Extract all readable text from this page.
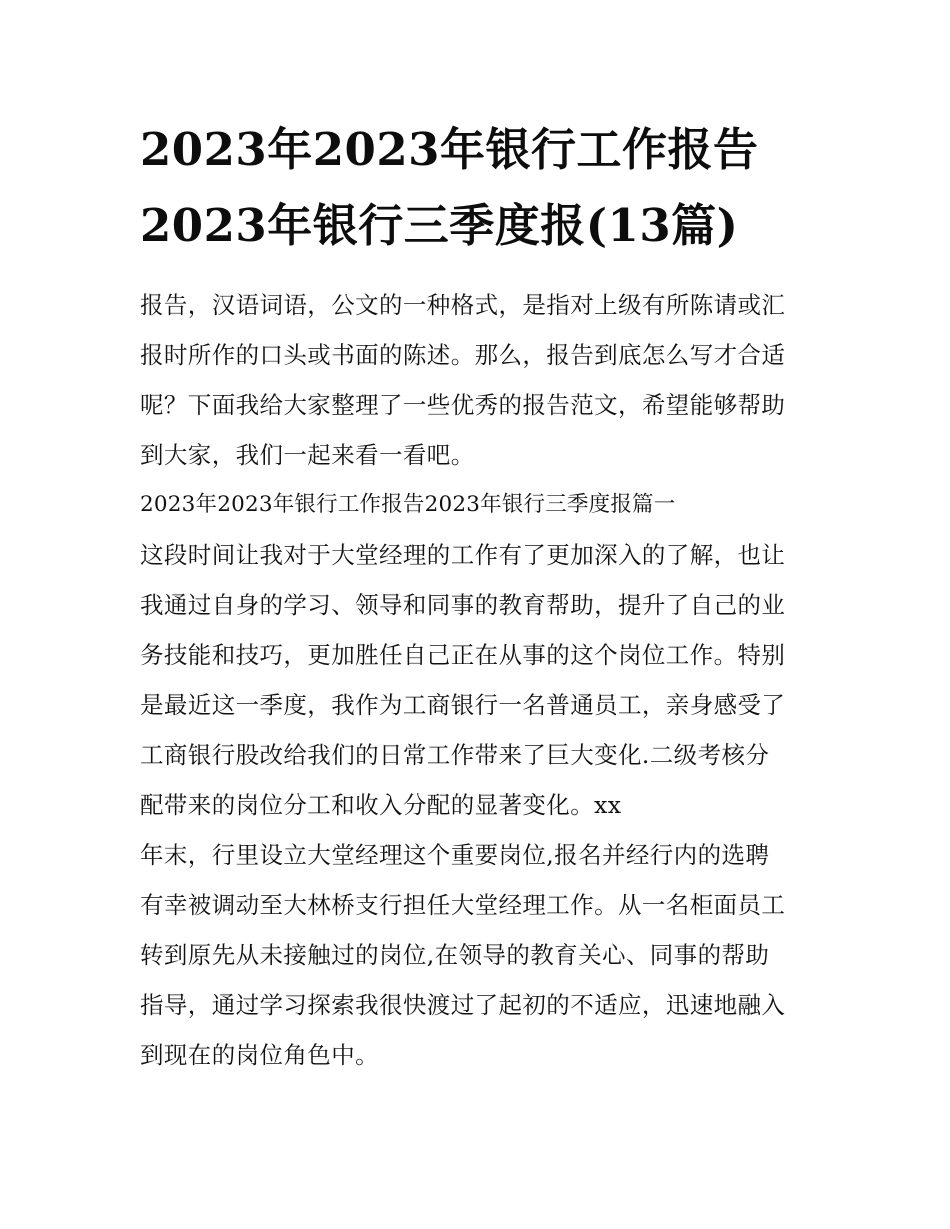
2023年2023年银行工作报告
2023年银行三季度报(13篇)

报告，汉语词语，公文的一种格式，是指对上级有所陈请或汇
报时所作的口头或书面的陈述。那么，报告到底怎么写才合适
呢？下面我给大家整理了一些优秀的报告范文，希望能够帮助
到大家，我们一起来看一看吧。

2023年2023年银行工作报告2023年银行三季度报篇一

这段时间让我对于大堂经理的工作有了更加深入的了解，也让
我通过自身的学习、领导和同事的教育帮助，提升了自己的业
务技能和技巧，更加胜任自己正在从事的这个岗位工作。特别
是最近这一季度，我作为工商银行一名普通员工，亲身感受了
工商银行股改给我们的日常工作带来了巨大变化.二级考核分
配带来的岗位分工和收入分配的显著变化。xx

年末，行里设立大堂经理这个重要岗位,报名并经行内的选聘
有幸被调动至大林桥支行担任大堂经理工作。从一名柜面员工
转到原先从未接触过的岗位,在领导的教育关心、同事的帮助
指导，通过学习探索我很快渡过了起初的不适应，迅速地融入
到现在的岗位角色中。
